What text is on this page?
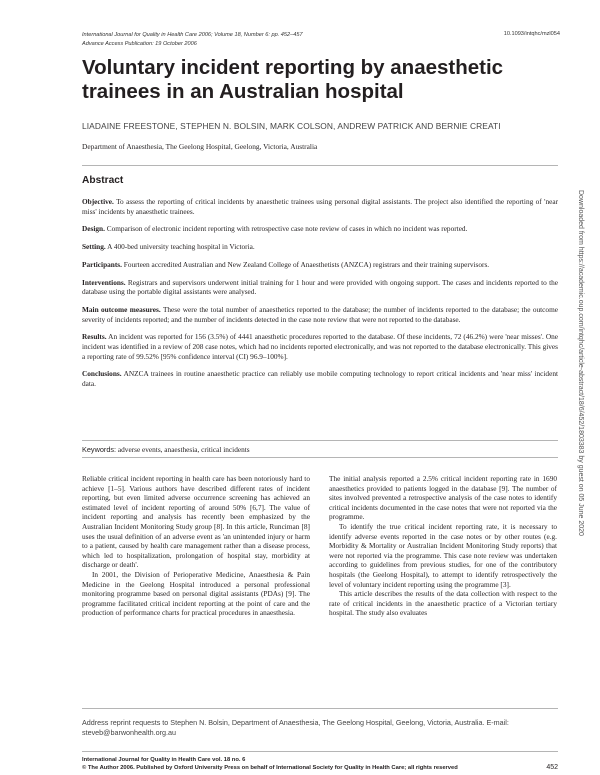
International Journal for Quality in Health Care 2006; Volume 18, Number 6: pp. 452–457
Advance Access Publication: 19 October 2006
10.1093/intqhc/mzl054
Voluntary incident reporting by anaesthetic trainees in an Australian hospital
LIADAINE FREESTONE, STEPHEN N. BOLSIN, MARK COLSON, ANDREW PATRICK AND BERNIE CREATI
Department of Anaesthesia, The Geelong Hospital, Geelong, Victoria, Australia
Abstract

Objective. To assess the reporting of critical incidents by anaesthetic trainees using personal digital assistants. The project also identified the reporting of 'near miss' incidents by anaesthetic trainees.

Design. Comparison of electronic incident reporting with retrospective case note review of cases in which no incident was reported.

Setting. A 400-bed university teaching hospital in Victoria.

Participants. Fourteen accredited Australian and New Zealand College of Anaesthetists (ANZCA) registrars and their training supervisors.

Interventions. Registrars and supervisors underwent initial training for 1 hour and were provided with ongoing support. The cases and incidents reported to the database using the portable digital assistants were analysed.

Main outcome measures. These were the total number of anaesthetics reported to the database; the number of incidents reported to the database; the outcome severity of incidents reported; and the number of incidents detected in the case note review that were not reported to the database.

Results. An incident was reported for 156 (3.5%) of 4441 anaesthetic procedures reported to the database. Of these incidents, 72 (46.2%) were 'near misses'. One incident was identified in a review of 208 case notes, which had no incidents reported electronically, and was not reported to the database electronically. This gives a reporting rate of 99.52% [95% confidence interval (CI) 96.9–100%].

Conclusions. ANZCA trainees in routine anaesthetic practice can reliably use mobile computing technology to report critical incidents and 'near miss' incident data.

Keywords: adverse events, anaesthesia, critical incidents

Reliable critical incident reporting in health care has been notoriously hard to achieve [1–5]. Various authors have described different rates of incident reporting, but even limited adverse occurrence screening has achieved an estimated level of incident reporting of around 50% [6,7]. The value of incident reporting and analysis has recently been emphasized by the Australian Incident Monitoring Study group [8]. In this article, Runciman [8] uses the usual definition of an adverse event as 'an unintended injury or harm to a patient, caused by health care management rather than a disease process, which led to hospitalization, prolongation of hospital stay, morbidity at discharge or death'.

In 2001, the Division of Perioperative Medicine, Anaesthesia & Pain Medicine in the Geelong Hospital introduced a personal professional monitoring programme based on personal digital assistants (PDAs) [9]. The programme facilitated critical incident reporting at the point of care and the production of performance charts for practical procedures in anaesthesia.

The initial analysis reported a 2.5% critical incident reporting rate in 1690 anaesthetics provided to patients logged in the database [9]. The number of sites involved prevented a retrospective analysis of the case notes to identify critical incidents documented in the case notes that were not reported via the programme.

To identify the true critical incident reporting rate, it is necessary to identify adverse events reported in the case notes or by other routes (e.g. Morbidity & Mortality or Australian Incident Monitoring Study reports) that were not reported via the programme. This case note review was undertaken according to guidelines from previous studies, for one of the contributory hospitals (the Geelong Hospital), to attempt to identify retrospectively the level of voluntary incident reporting using the programme [3].

This article describes the results of the data collection with respect to the rate of critical incidents in the anaesthetic practice of a Victorian tertiary hospital. The study also evaluates

Address reprint requests to Stephen N. Bolsin, Department of Anaesthesia, The Geelong Hospital, Geelong, Victoria, Australia. E-mail: steveb@barwonhealth.org.au
International Journal for Quality in Health Care vol. 18 no. 6
© The Author 2006. Published by Oxford University Press on behalf of International Society for Quality in Health Care; all rights reserved	452
Downloaded from https://academic.oup.com/intqhc/article-abstract/18/6/452/1803383 by guest on 05 June 2020
